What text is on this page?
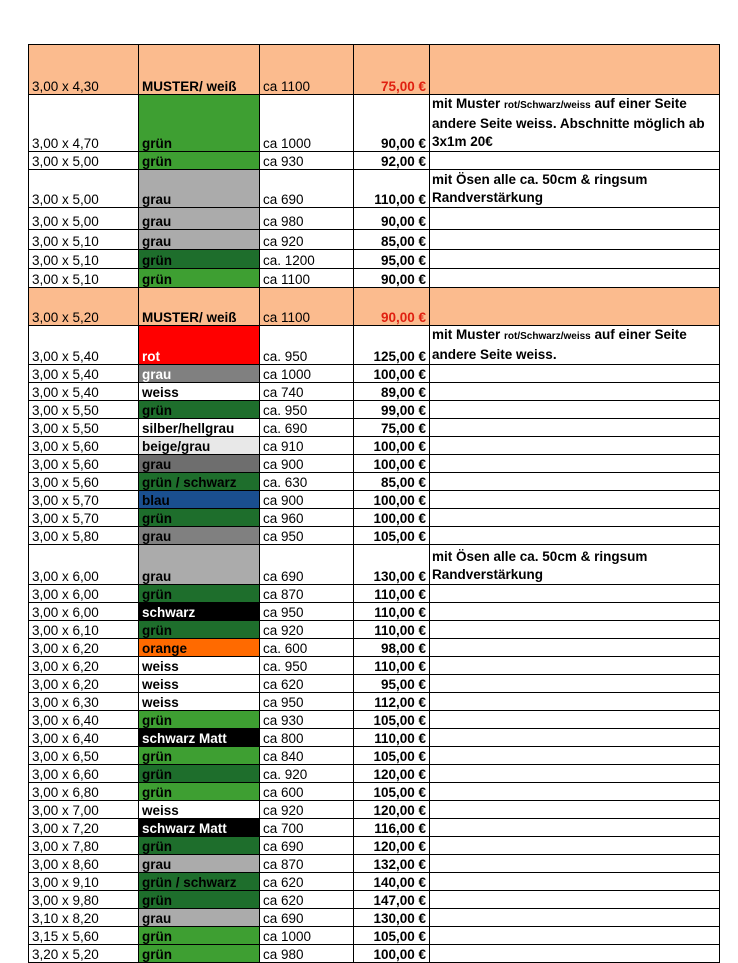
3,00 x 4,30	MUSTER/ weiß	ca 1100	75,00 €	
3,00 x 4,70	grün	ca 1000	90,00 €	mit Muster rot/Schwarz/weiss auf einer Seite andere Seite weiss. Abschnitte möglich ab 3x1m 20€
3,00 x 5,00	grün	ca 930	92,00 €	
3,00 x 5,00	grau	ca 690	110,00 €	mit Ösen alle ca. 50cm & ringsum Randverstärkung
3,00 x 5,00	grau	ca 980	90,00 €	
3,00 x 5,10	grau	ca 920	85,00 €	
3,00 x 5,10	grün	ca. 1200	95,00 €	
3,00 x 5,10	grün	ca 1100	90,00 €	
3,00 x 5,20	MUSTER/ weiß	ca 1100	90,00 €	
3,00 x 5,40	rot	ca. 950	125,00 €	mit Muster rot/Schwarz/weiss auf einer Seite andere Seite weiss.
3,00 x 5,40	grau	ca 1000	100,00 €	
3,00 x 5,40	weiss	ca 740	89,00 €	
3,00 x 5,50	grün	ca. 950	99,00 €	
3,00 x 5,50	silber/hellgrau	ca. 690	75,00 €	
3,00 x 5,60	beige/grau	ca 910	100,00 €	
3,00 x 5,60	grau	ca 900	100,00 €	
3,00 x 5,60	grün / schwarz	ca. 630	85,00 €	
3,00 x 5,70	blau	ca 900	100,00 €	
3,00 x 5,70	grün	ca 960	100,00 €	
3,00 x 5,80	grau	ca 950	105,00 €	
3,00 x 6,00	grau	ca 690	130,00 €	mit Ösen alle ca. 50cm & ringsum Randverstärkung
3,00 x 6,00	grün	ca 870	110,00 €	
3,00 x 6,00	schwarz	ca 950	110,00 €	
3,00 x 6,10	grün	ca 920	110,00 €	
3,00 x 6,20	orange	ca. 600	98,00 €	
3,00 x 6,20	weiss	ca. 950	110,00 €	
3,00 x 6,20	weiss	ca 620	95,00 €	
3,00 x 6,30	weiss	ca 950	112,00 €	
3,00 x 6,40	grün	ca 930	105,00 €	
3,00 x 6,40	schwarz Matt	ca 800	110,00 €	
3,00 x 6,50	grün	ca 840	105,00 €	
3,00 x 6,60	grün	ca. 920	120,00 €	
3,00 x 6,80	grün	ca 600	105,00 €	
3,00 x 7,00	weiss	ca 920	120,00 €	
3,00 x 7,20	schwarz Matt	ca 700	116,00 €	
3,00 x 7,80	grün	ca 690	120,00 €	
3,00 x 8,60	grau	ca 870	132,00 €	
3,00 x 9,10	grün / schwarz	ca 620	140,00 €	
3,00 x 9,80	grün	ca 620	147,00 €	
3,10 x 8,20	grau	ca 690	130,00 €	
3,15 x 5,60	grün	ca 1000	105,00 €	
3,20 x 5,20	grün	ca 980	100,00 €	
